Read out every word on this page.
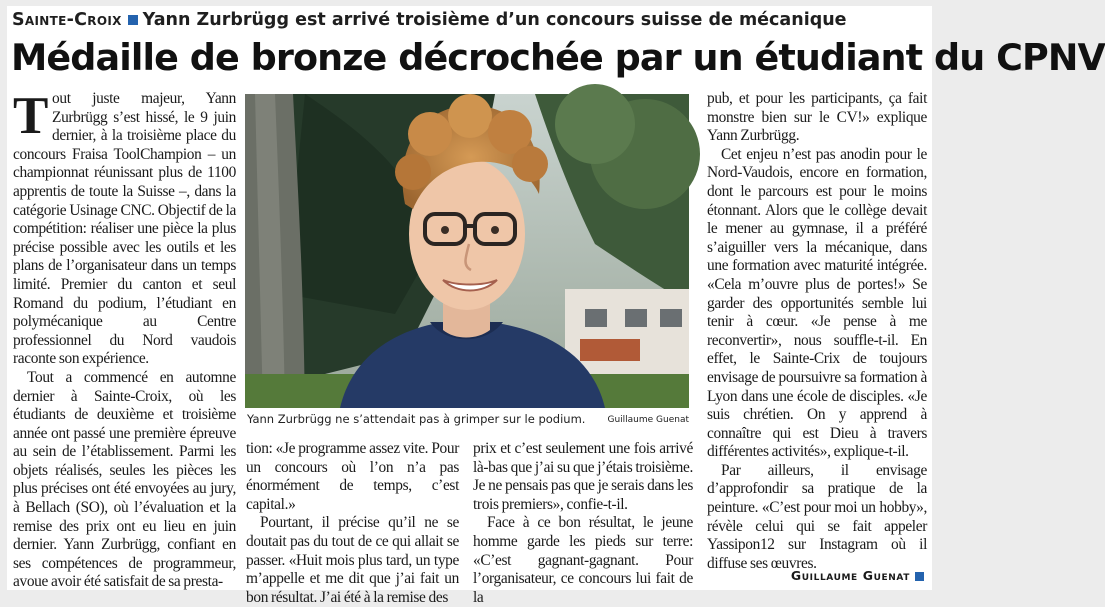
Sainte-Croix Yann Zurbrügg est arrivé troisième d’un concours suisse de mécanique
Médaille de bronze décrochée par un étudiant du CPNV

Tout juste majeur, Yann Zurbrügg s’est hissé, le 9 juin dernier, à la troisième place du concours Fraisa ToolChampion – un championnat réunissant plus de 1100 apprentis de toute la Suisse –, dans la catégorie Usinage CNC. Objectif de la compétition: réaliser une pièce la plus précise possible avec les outils et les plans de l’organisateur dans un temps limité. Premier du canton et seul Romand du podium, l’étudiant en polymécanique au Centre professionnel du Nord vaudois raconte son expérience.

Tout a commencé en automne dernier à Sainte-Croix, où les étudiants de deuxième et troisième année ont passé une première épreuve au sein de l’établissement. Parmi les objets réalisés, seules les pièces les plus précises ont été envoyées au jury, à Bellach (SO), où l’évaluation et la remise des prix ont eu lieu en juin dernier. Yann Zurbrügg, confiant en ses compétences de programmeur, avoue avoir été satisfait de sa presta-

Yann Zurbrügg ne s’attendait pas à grimper sur le podium. Guillaume Guenat

tion: «Je programme assez vite. Pour un concours où l’on n’a pas énormément de temps, c’est capital.»

Pourtant, il précise qu’il ne se doutait pas du tout de ce qui allait se passer. «Huit mois plus tard, un type m’appelle et me dit que j’ai fait un bon résultat. J’ai été à la remise des

prix et c’est seulement une fois arrivé là-bas que j’ai su que j’étais troisième. Je ne pensais pas que je serais dans les trois premiers», confie-t-il.

Face à ce bon résultat, le jeune homme garde les pieds sur terre: «C’est gagnant-gagnant. Pour l’organisateur, ce concours lui fait de la

pub, et pour les participants, ça fait monstre bien sur le CV!» explique Yann Zurbrügg.

Cet enjeu n’est pas anodin pour le Nord-Vaudois, encore en formation, dont le parcours est pour le moins étonnant. Alors que le collège devait le mener au gymnase, il a préféré s’aiguiller vers la mécanique, dans une formation avec maturité intégrée. «Cela m’ouvre plus de portes!» Se garder des opportunités semble lui tenir à cœur. «Je pense à me reconvertir», nous souffle-t-il. En effet, le Sainte-Crix de toujours envisage de poursuivre sa formation à Lyon dans une école de disciples. «Je suis chrétien. On y apprend à connaître qui est Dieu à travers différentes activités», explique-t-il.

Par ailleurs, il envisage d’approfondir sa pratique de la peinture. «C’est pour moi un hobby», révèle celui qui se fait appeler Yassipon12 sur Instagram où il diffuse ses œuvres.

Guillaume Guenat
